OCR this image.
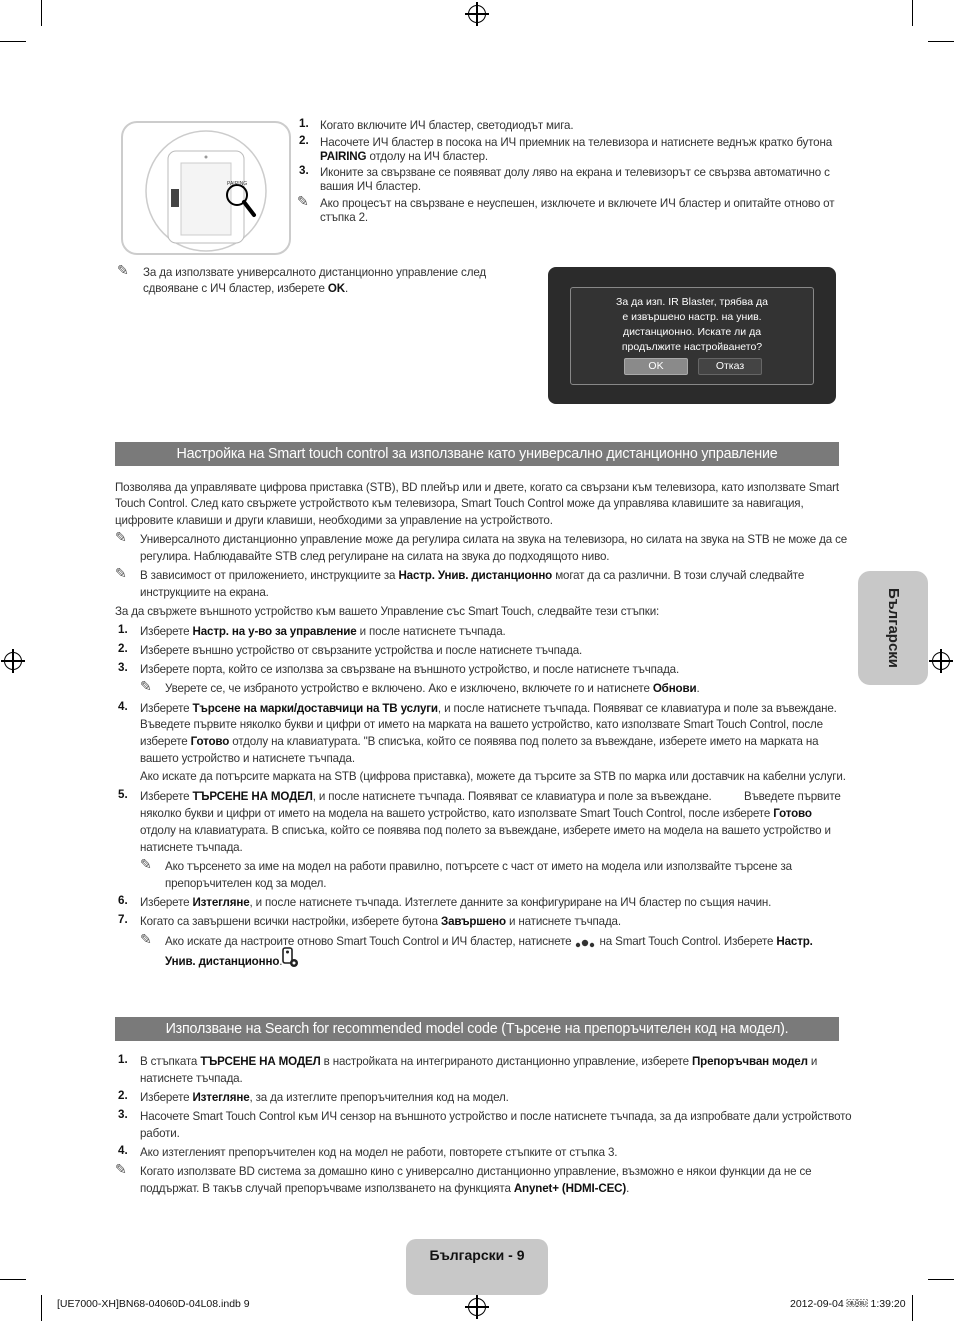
PAIRING
1. Когато включите ИЧ бластер, светодиодът мига.
2. Насочете ИЧ бластер в посока на ИЧ приемник на телевизора и натиснете веднъж кратко бутона
PAIRING отдолу на ИЧ бластер.
3. Иконите за свързване се появяват долу ляво на екрана и телевизорът се свързва автоматично с
вашия ИЧ бластер.
✎ Ако процесът на свързване е неуспешен, изключете и включете ИЧ бластер и опитайте отново от
стъпка 2.
✎ За да използвате универсалното дистанционно управление след
сдвояване с ИЧ бластер, изберете OK.
За да изп. IR Blaster, трябва да
е извършено настр. на унив.
дистанционно. Искате ли да
продължите настройването?
OK	Отказ
Настройка на Smart touch control за използване като универсално дистанционно управление
Позволява да управлявате цифрова приставка (STB), BD плейър или и двете, когато са свързани към телевизора, като използвате Smart
Touch Control. След като свържете устройството към телевизора, Smart Touch Control може да управлява клавишите за навигация,
цифровите клавиши и други клавиши, необходими за управление на устройството.
✎ Универсалното дистанционно управление може да регулира силата на звука на телевизора, но силата на звука на STB не може да се
регулира. Наблюдавайте STB след регулиране на силата на звука до подходящото ниво.
✎ В зависимост от приложението, инструкциите за Настр. Унив. дистанционно могат да са различни. В този случай следвайте
инструкциите на екрана.
За да свържете външното устройство към вашето Управление със Smart Touch, следвайте тези стъпки:
1. Изберете Настр. на у-во за управление и после натиснете тъчпада.
2. Изберете външно устройство от свързаните устройства и после натиснете тъчпада.
3. Изберете порта, който се използва за свързване на външното устройство, и после натиснете тъчпада.
✎ Уверете се, че избраното устройство е включено. Ако е изключено, включете го и натиснете Обнови.
4. Изберете Търсене на марки/доставчици на ТВ услуги, и после натиснете тъчпада. Появяват се клавиатура и поле за въвеждане.
Въведете първите няколко букви и цифри от името на марката на вашето устройство, като използвате Smart Touch Control, после
изберете Готово отдолу на клавиатурата. "В списъка, който се появява под полето за въвеждане, изберете името на марката на
вашето устройство и натиснете тъчпада.
Ако искате да потърсите марката на STB (цифрова приставка), можете да търсите за STB по марка или доставчик на кабелни услуги.
5. Изберете ТЪРСЕНЕ НА МОДЕЛ, и после натиснете тъчпада. Появяват се клавиатура и поле за въвеждане.	Въведете първите
няколко букви и цифри от името на модела на вашето устройство, като използвате Smart Touch Control, после изберете Готово
отдолу на клавиатурата. В списъка, който се появява под полето за въвеждане, изберете името на модела на вашето устройство и
натиснете тъчпада.
✎ Ако търсенето за име на модел на работи правилно, потърсете с част от името на модела или използвайте търсене за
препоръчителен код за модел.
6. Изберете Изтегляне, и после натиснете тъчпада. Изтеглете данните за конфигуриране на ИЧ бластер по същия начин.
7. Когато са завършени всички настройки, изберете бутона Завършено и натиснете тъчпада.
✎ Ако искате да настроите отново Smart Touch Control и ИЧ бластер, натиснете  на Smart Touch Control. Изберете Настр.
Унив. дистанционно.
Използване на Search for recommended model code (Търсене на препоръчителен код на модел).
1. В стъпката ТЪРСЕНЕ НА МОДЕЛ в настройката на интегрираното дистанционно управление, изберете Препоръчван модел и
натиснете тъчпада.
2. Изберете Изтегляне, за да изтеглите препоръчителния код на модел.
3. Насочете Smart Touch Control към ИЧ сензор на външното устройство и после натиснете тъчпада, за да изпробвате дали устройството
работи.
4. Ако изтегленият препоръчителен код на модел не работи, повторете стъпките от стъпка 3.
✎ Когато използвате BD система за домашно кино с универсално дистанционно управление, възможно е някои функции да не се
поддържат. В такъв случай препоръчваме използването на функцията Anynet+ (HDMI-CEC).
Български
Български - 9
[UE7000-XH]BN68-04060D-04L08.indb 9	2012-09-04 ￼￼ 1:39:20
